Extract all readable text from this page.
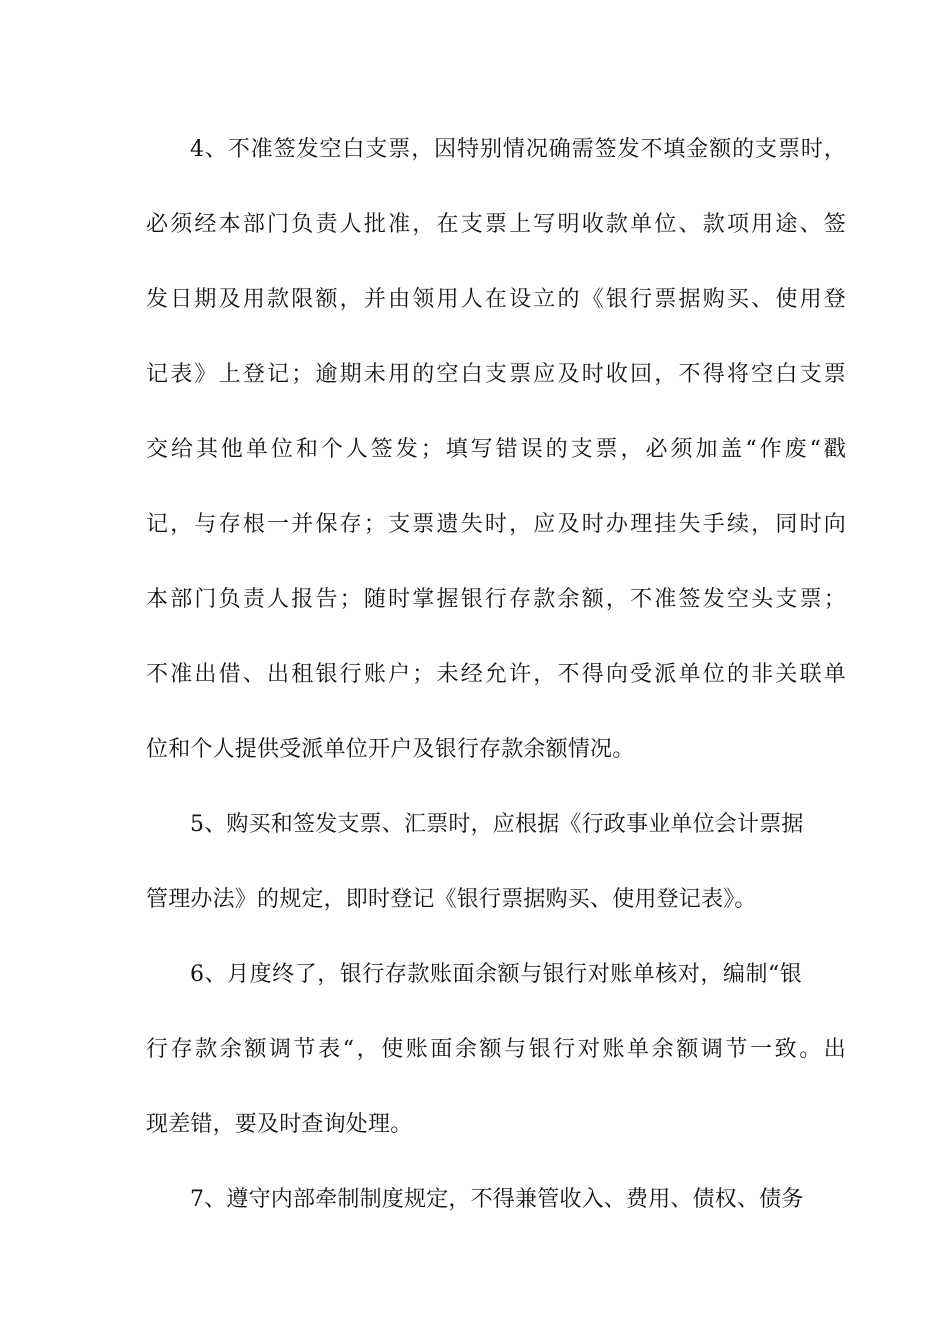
4、不准签发空白支票，因特别情况确需签发不填金额的支票时，
必须经本部门负责人批准，在支票上写明收款单位、款项用途、签
发日期及用款限额，并由领用人在设立的《银行票据购买、使用登
记表》上登记；逾期未用的空白支票应及时收回，不得将空白支票
交给其他单位和个人签发；填写错误的支票，必须加盖“作废“戳
记，与存根一并保存；支票遗失时，应及时办理挂失手续，同时向
本部门负责人报告；随时掌握银行存款余额，不准签发空头支票；
不准出借、出租银行账户；未经允许，不得向受派单位的非关联单
位和个人提供受派单位开户及银行存款余额情况。
5、购买和签发支票、汇票时，应根据《行政事业单位会计票据
管理办法》的规定，即时登记《银行票据购买、使用登记表》。
6、月度终了，银行存款账面余额与银行对账单核对，编制“银
行存款余额调节表“，使账面余额与银行对账单余额调节一致。出
现差错，要及时查询处理。
7、遵守内部牵制制度规定，不得兼管收入、费用、债权、债务
